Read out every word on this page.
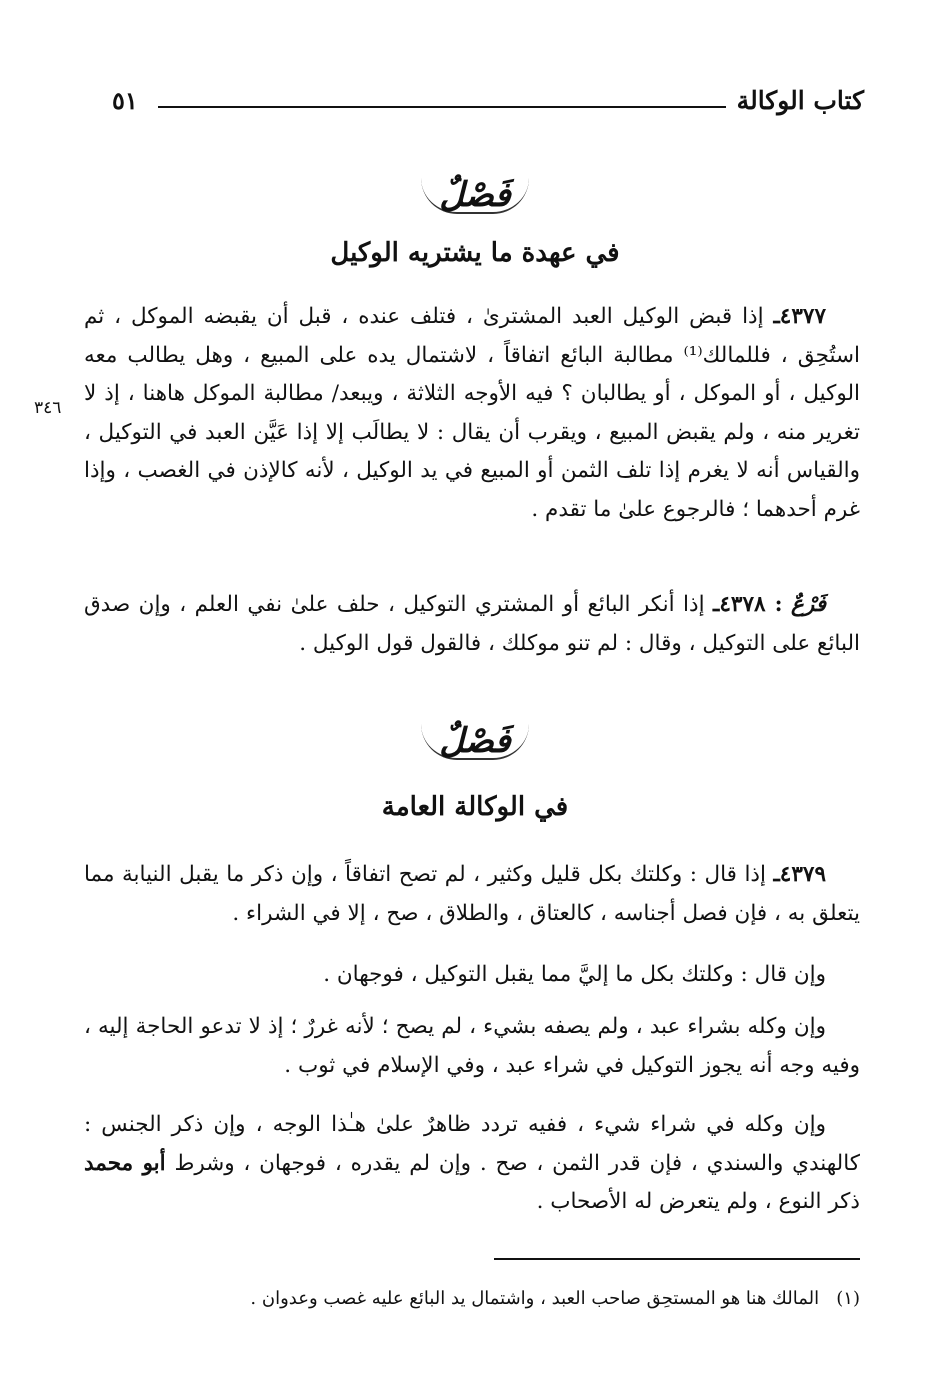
كتاب الوكالة
٥١
فَصْلٌ
في عهدة ما يشتريه الوكيل

٤٣٧٧ـ إذا قبض الوكيل العبد المشترىٰ ، فتلف عنده ، قبل أن يقبضه الموكل ، ثم استُحِق ، فللمالك⁽¹⁾ مطالبة البائع اتفاقاً ، لاشتمال يده على المبيع ، وهل يطالب معه الوكيل ، أو الموكل ، أو يطالبان ؟ فيه الأوجه الثلاثة ، ويبعد/ مطالبة الموكل هاهنا ، إذ لا تغرير منه ، ولم يقبض المبيع ، ويقرب أن يقال : لا يطالَب إلا إذا عَيَّن العبد في التوكيل ، والقياس أنه لا يغرم إذا تلف الثمن أو المبيع في يد الوكيل ، لأنه كالإذن في الغصب ، وإذا غرم أحدهما ؛ فالرجوع علىٰ ما تقدم .

٣٤٦

فَرْعٌ : ٤٣٧٨ـ إذا أنكر البائع أو المشتري التوكيل ، حلف علىٰ نفي العلم ، وإن صدق البائع على التوكيل ، وقال : لم تنو موكلك ، فالقول قول الوكيل .

فَصْلٌ
في الوكالة العامة

٤٣٧٩ـ إذا قال : وكلتك بكل قليل وكثير ، لم تصح اتفاقاً ، وإن ذكر ما يقبل النيابة مما يتعلق به ، فإن فصل أجناسه ، كالعتاق ، والطلاق ، صح ، إلا في الشراء .

وإن قال : وكلتك بكل ما إليَّ مما يقبل التوكيل ، فوجهان .

وإن وكله بشراء عبد ، ولم يصفه بشيء ، لم يصح ؛ لأنه غررٌ ؛ إذ لا تدعو الحاجة إليه ، وفيه وجه أنه يجوز التوكيل في شراء عبد ، وفي الإسلام في ثوب .

وإن وكله في شراء شيء ، ففيه تردد ظاهرٌ علىٰ هـٰذا الوجه ، وإن ذكر الجنس : كالهندي والسندي ، فإن قدر الثمن ، صح . وإن لم يقدره ، فوجهان ، وشرط أبو محمد ذكر النوع ، ولم يتعرض له الأصحاب .

(١)   المالك هنا هو المستحِق صاحب العبد ، واشتمال يد البائع عليه غصب وعدوان .
